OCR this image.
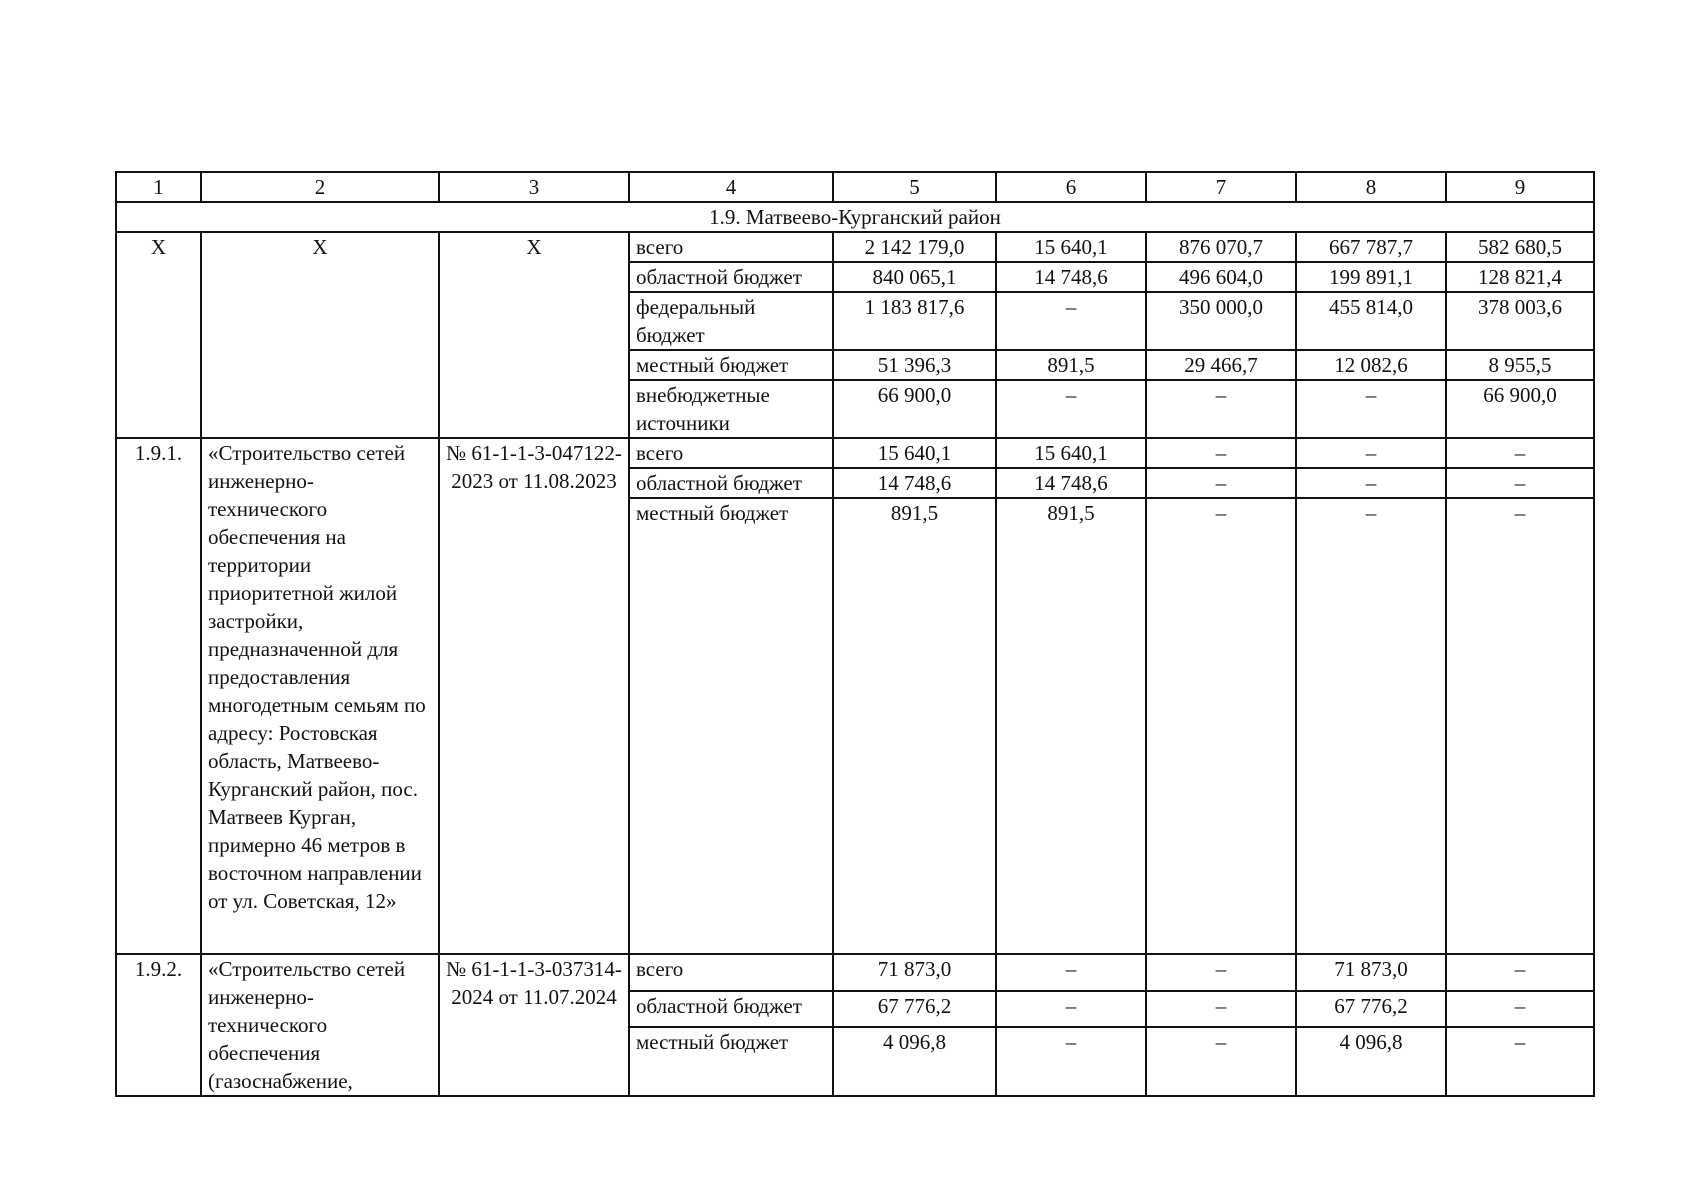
1	2	3	4	5	6	7	8	9
1.9. Матвеево-Курганский район								
Х	Х	Х	всего	2 142 179,0	15 640,1	876 070,7	667 787,7	582 680,5
			областной бюджет	840 065,1	14 748,6	496 604,0	199 891,1	128 821,4
			федеральный бюджет	1 183 817,6	–	350 000,0	455 814,0	378 003,6
			местный бюджет	51 396,3	891,5	29 466,7	12 082,6	8 955,5
			внебюджетные источники	66 900,0	–	–	–	66 900,0
1.9.1.	«Строительство сетей инженерно-технического обеспечения на территории приоритетной жилой застройки, предназначенной для предоставления многодетным семьям по адресу: Ростовская область, Матвеево-Курганский район, пос. Матвеев Курган, примерно 46 метров в восточном направлении от ул. Советская, 12»	№ 61-1-1-3-047122-2023 от 11.08.2023	всего	15 640,1	15 640,1	–	–	–
			областной бюджет	14 748,6	14 748,6	–	–	–
			местный бюджет	891,5	891,5	–	–	–
1.9.2.	«Строительство сетей инженерно-технического обеспечения (газоснабжение,	№ 61-1-1-3-037314-2024 от 11.07.2024	всего	71 873,0	–	–	71 873,0	–
			областной бюджет	67 776,2	–	–	67 776,2	–
			местный бюджет	4 096,8	–	–	4 096,8	–
